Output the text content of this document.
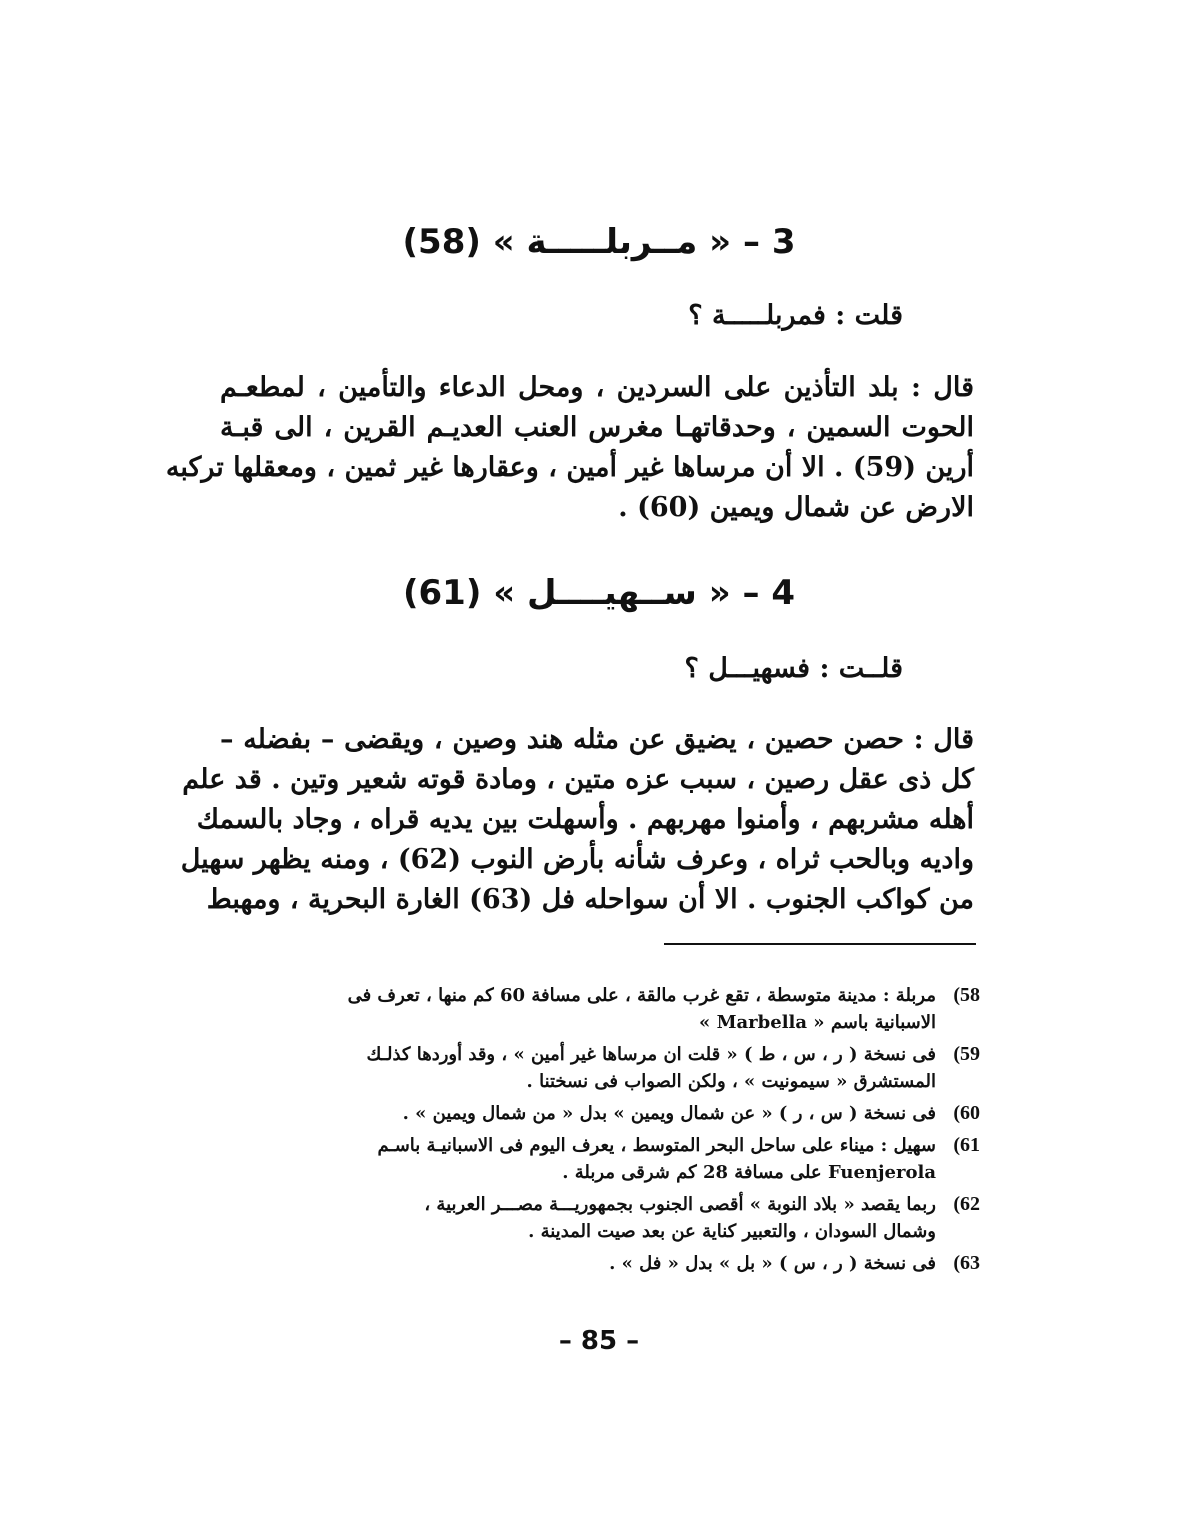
3 – « مــربلـــــة » (58)
قلت : فمربلـــــة ؟
قال : بلد التأذين على السردين ، ومحل الدعاء والتأمين ، لمطعـم
الحوت السمين ، وحدقاتهـا مغرس العنب العديـم القرين ، الى قبـة
أرين (59) . الا أن مرساها غير أمين ، وعقارها غير ثمين ، ومعقلها تركبه
الارض عن شمال ويمين (60) .
4 – « ســهيــــل » (61)
قلــت : فسهيـــل ؟
قال : حصن حصين ، يضيق عن مثله هند وصين ، ويقضى – بفضله –
كل ذى عقل رصين ، سبب عزه متين ، ومادة قوته شعير وتين . قد علم
أهله مشربهم ، وأمنوا مهربهم . وأسهلت بين يديه قراه ، وجاد بالسمك
واديه وبالحب ثراه ، وعرف شأنه بأرض النوب (62) ، ومنه يظهر سهيل
من كواكب الجنوب . الا أن سواحله فل (63) الغارة البحرية ، ومهبط
مربلة : مدينة متوسطة ، تقع غرب مالقة ، على مسافة 60 كم منها ، تعرف فى
الاسبانية باسم « Marbella »
58)
فى نسخة ( ر ، س ، ط ) « قلت ان مرساها غير أمين » ، وقد أوردها كذلـك
المستشرق « سيمونيت » ، ولكن الصواب فى نسختنا .
59)
فى نسخة ( س ، ر ) « عن شمال ويمين » بدل « من شمال ويمين » . 60)
سهيل : ميناء على ساحل البحر المتوسط ، يعرف اليوم فى الاسبانيـة باسـم
Fuenjerola على مسافة 28 كم شرقى مربلة .
61)
ربما يقصد « بلاد النوبة » أقصى الجنوب بجمهوريـــة مصـــر العربية ،
وشمال السودان ، والتعبير كناية عن بعد صيت المدينة .
62)
فى نسخة ( ر ، س ) « بل » بدل « فل » . 63)
– 85 –
